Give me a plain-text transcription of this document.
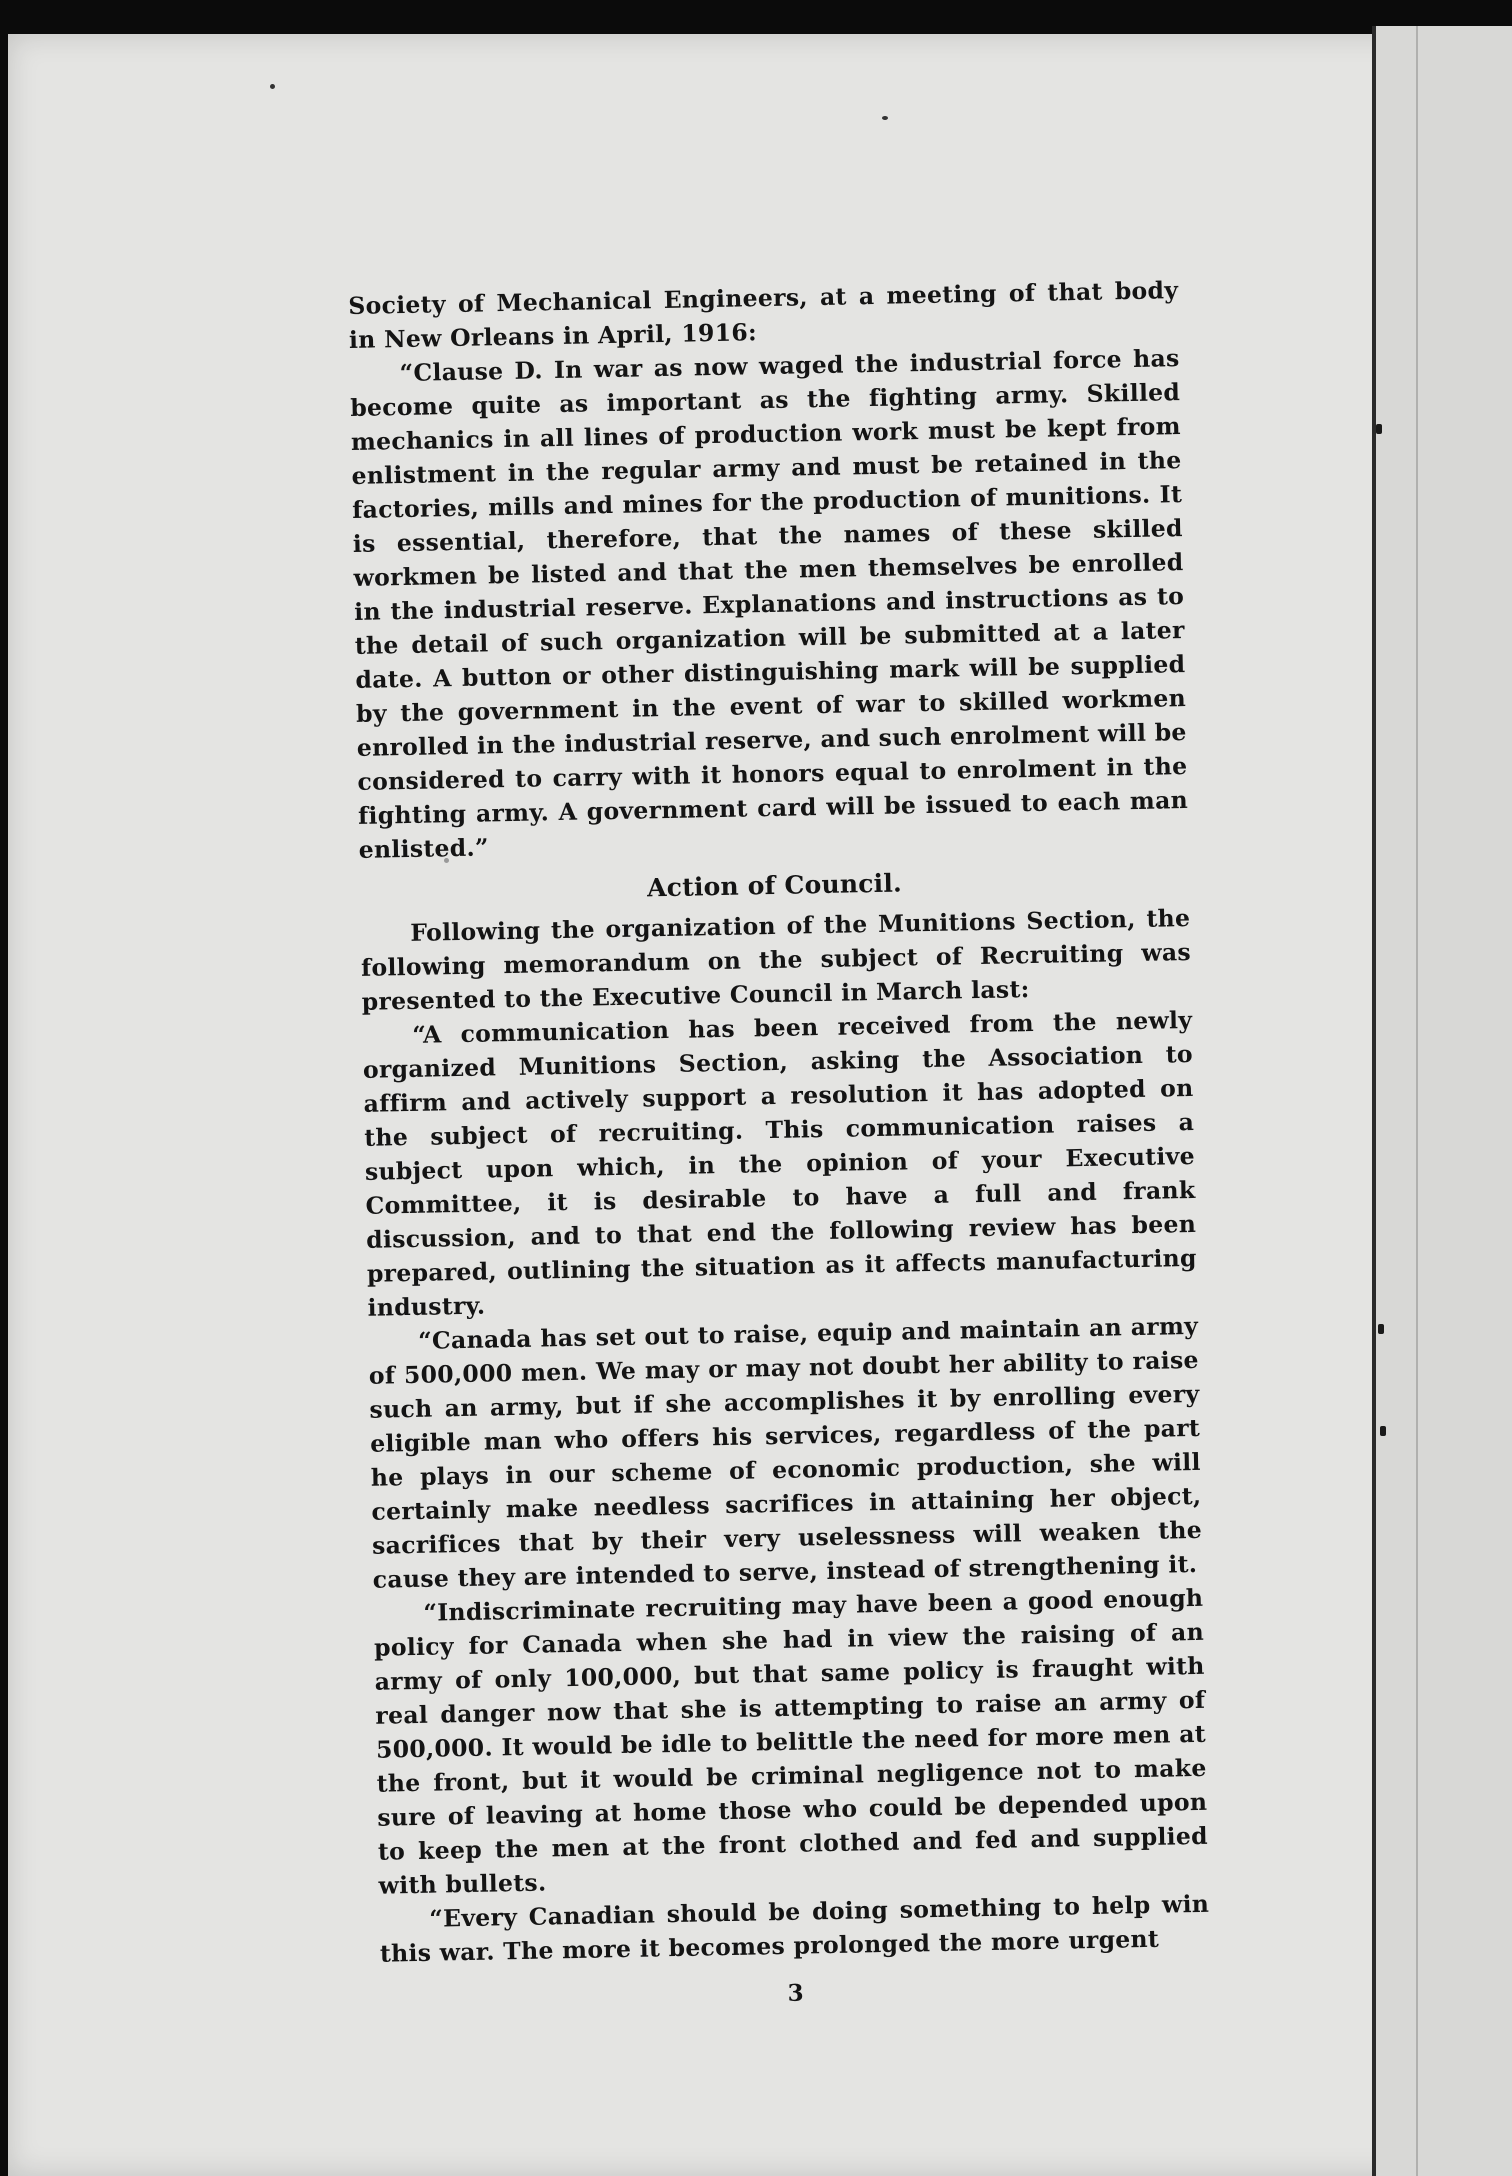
Society of Mechanical Engineers, at a meeting of that body in New Orleans in April, 1916:

“Clause D. In war as now waged the industrial force has become quite as important as the fighting army. Skilled mechanics in all lines of production work must be kept from enlistment in the regular army and must be retained in the factories, mills and mines for the production of munitions. It is essential, therefore, that the names of these skilled workmen be listed and that the men themselves be enrolled in the industrial reserve. Explanations and instructions as to the detail of such organization will be submitted at a later date. A button or other distinguishing mark will be supplied by the government in the event of war to skilled workmen enrolled in the industrial reserve, and such enrolment will be considered to carry with it honors equal to enrolment in the fighting army. A government card will be issued to each man enlisted.”

Action of Council.

Following the organization of the Munitions Section, the following memorandum on the subject of Recruiting was presented to the Executive Council in March last:

“A communication has been received from the newly organized Munitions Section, asking the Association to affirm and actively support a resolution it has adopted on the subject of recruiting. This communication raises a subject upon which, in the opinion of your Executive Committee, it is desirable to have a full and frank discussion, and to that end the following review has been prepared, outlining the situation as it affects manufacturing industry.

“Canada has set out to raise, equip and maintain an army of 500,000 men. We may or may not doubt her ability to raise such an army, but if she accomplishes it by enrolling every eligible man who offers his services, regardless of the part he plays in our scheme of economic production, she will certainly make needless sacrifices in attaining her object, sacrifices that by their very uselessness will weaken the cause they are intended to serve, instead of strengthening it.

“Indiscriminate recruiting may have been a good enough policy for Canada when she had in view the raising of an army of only 100,000, but that same policy is fraught with real danger now that she is attempting to raise an army of 500,000. It would be idle to belittle the need for more men at the front, but it would be criminal negligence not to make sure of leaving at home those who could be depended upon to keep the men at the front clothed and fed and supplied with bullets.

“Every Canadian should be doing something to help win this war. The more it becomes prolonged the more urgent

3
